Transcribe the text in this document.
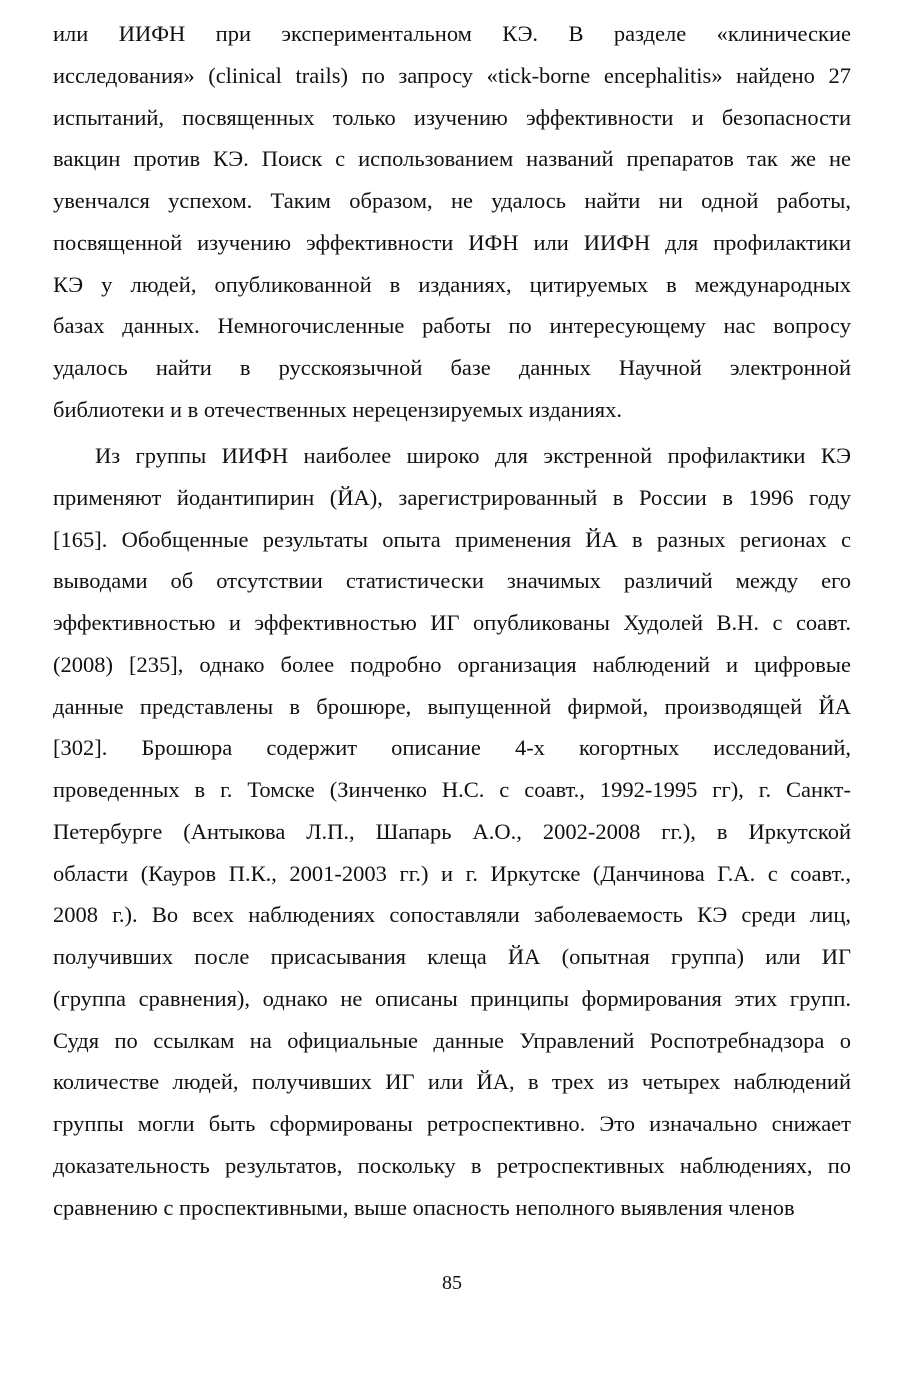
или ИИФН при экспериментальном КЭ. В разделе «клинические
исследования» (clinical trails) по запросу «tick-borne encephalitis» найдено 27
испытаний, посвященных только изучению эффективности и безопасности
вакцин против КЭ. Поиск с использованием названий препаратов так же не
увенчался успехом. Таким образом, не удалось найти ни одной работы,
посвященной изучению эффективности ИФН или ИИФН для профилактики
КЭ у людей, опубликованной в изданиях, цитируемых в международных
базах данных. Немногочисленные работы по интересующему нас вопросу
удалось найти в русскоязычной базе данных Научной электронной
библиотеки и в отечественных нерецензируемых изданиях.
Из группы ИИФН наиболее широко для экстренной профилактики КЭ
применяют йодантипирин (ЙА), зарегистрированный в России в 1996 году
[165]. Обобщенные результаты опыта применения ЙА в разных регионах с
выводами об отсутствии статистически значимых различий между его
эффективностью и эффективностью ИГ опубликованы Худолей В.Н. с соавт.
(2008) [235], однако более подробно организация наблюдений и цифровые
данные представлены в брошюре, выпущенной фирмой, производящей ЙА
[302]. Брошюра содержит описание 4-х когортных исследований,
проведенных в г. Томске (Зинченко Н.С. с соавт., 1992-1995 гг), г. Санкт-
Петербурге (Антыкова Л.П., Шапарь А.О., 2002-2008 гг.), в Иркутской
области (Кауров П.К., 2001-2003 гг.) и г. Иркутске (Данчинова Г.А. с соавт.,
2008 г.). Во всех наблюдениях сопоставляли заболеваемость КЭ среди лиц,
получивших после присасывания клеща ЙА (опытная группа) или ИГ
(группа сравнения), однако не описаны принципы формирования этих групп.
Судя по ссылкам на официальные данные Управлений Роспотребнадзора о
количестве людей, получивших ИГ или ЙА, в трех из четырех наблюдений
группы могли быть сформированы ретроспективно. Это изначально снижает
доказательность результатов, поскольку в ретроспективных наблюдениях, по
сравнению с проспективными, выше опасность неполного выявления членов
85
